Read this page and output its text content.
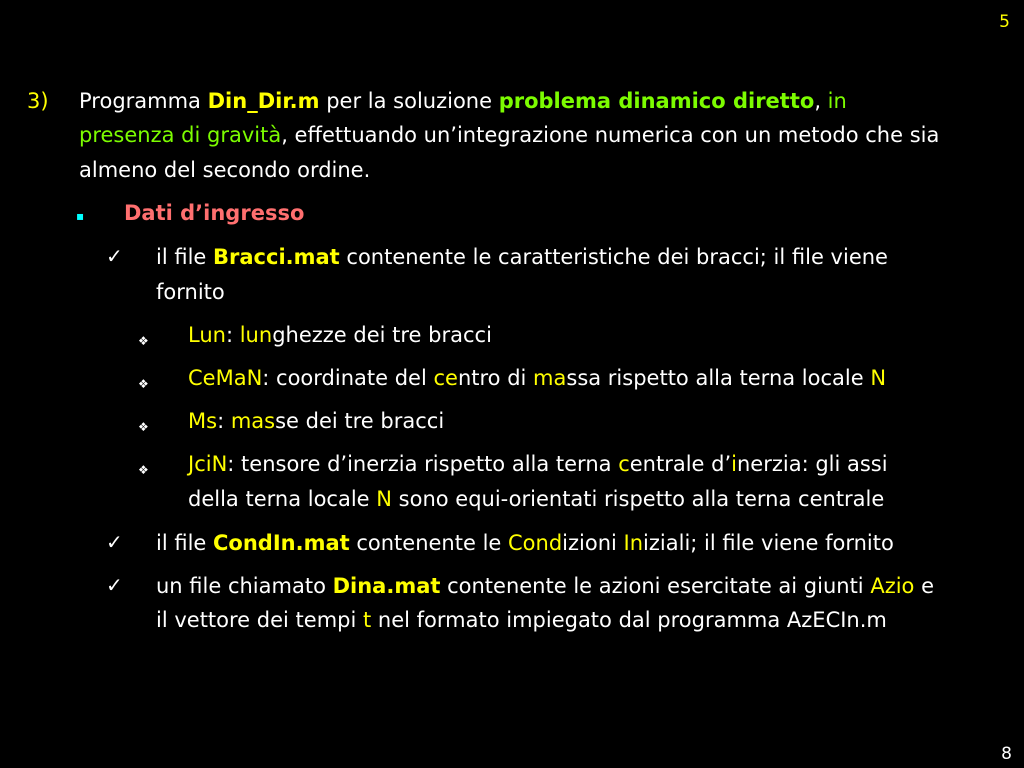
5
3) Programma Din_Dir.m per la soluzione problema dinamico diretto, in
presenza di gravità, effettuando un’integrazione numerica con un metodo che sia
almeno del secondo ordine.
▪ Dati d’ingresso
✓ il file Bracci.mat contenente le caratteristiche dei bracci; il file viene
fornito
❖ Lun: lunghezze dei tre bracci
❖ CeMaN: coordinate del centro di massa rispetto alla terna locale N
❖ Ms: masse dei tre bracci
❖ JciN: tensore d’inerzia rispetto alla terna centrale d’inerzia: gli assi
della terna locale N sono equi-orientati rispetto alla terna centrale
✓ il file CondIn.mat contenente le Condizioni Iniziali; il file viene fornito
✓ un file chiamato Dina.mat contenente le azioni esercitate ai giunti Azio e
il vettore dei tempi t nel formato impiegato dal programma AzECIn.m
8
